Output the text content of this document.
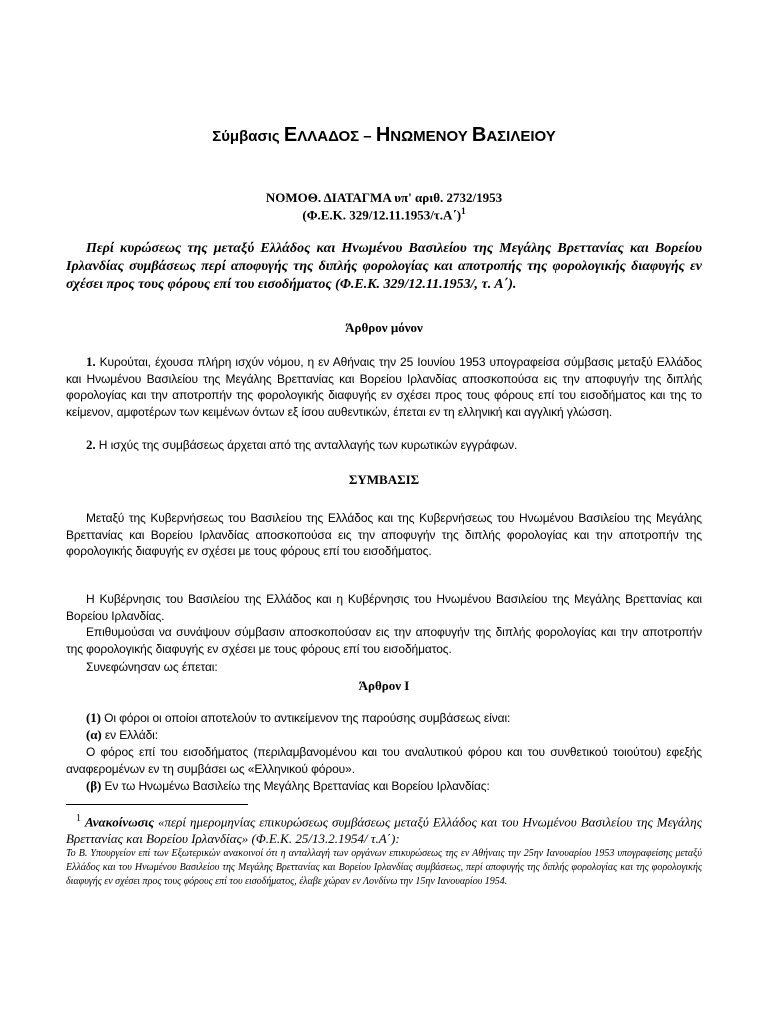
Σύμβασις ΕΛΛΑΔΟΣ – ΗΝΩΜΕΝΟΥ ΒΑΣΙΛΕΙΟΥ
ΝΟΜΟΘ. ΔΙΑΤΑΓΜΑ υπ' αριθ. 2732/1953
(Φ.Ε.Κ. 329/12.11.1953/τ.Α΄)$^1$
Περί κυρώσεως της μεταξύ Ελλάδος και Ηνωμένου Βασιλείου της Μεγάλης Βρεττανίας και Βορείου Ιρλανδίας συμβάσεως περί αποφυγής της διπλής φορολογίας και αποτροπής της φορολογικής διαφυγής εν σχέσει προς τους φόρους επί του εισοδήματος (Φ.Ε.Κ. 329/12.11.1953/, τ. Α΄).
Άρθρον μόνον
1. Κυρούται, έχουσα πλήρη ισχύν νόμου, η εν Αθήναις την 25 Ιουνίου 1953 υπογραφείσα σύμβασις μεταξύ Ελλάδος και Ηνωμένου Βασιλείου της Μεγάλης Βρεττανίας και Βορείου Ιρλανδίας αποσκοπούσα εις την αποφυγήν της διπλής φορολογίας και την αποτροπήν της φορολογικής διαφυγής εν σχέσει προς τους φόρους επί του εισοδήματος και της το κείμενον, αμφοτέρων των κειμένων όντων εξ ίσου αυθεντικών, έπεται εν τη ελληνική και αγγλική γλώσση.
2. Η ισχύς της συμβάσεως άρχεται από της ανταλλαγής των κυρωτικών εγγράφων.
ΣΥΜΒΑΣΙΣ
Μεταξύ της Κυβερνήσεως του Βασιλείου της Ελλάδος και της Κυβερνήσεως του Ηνωμένου Βασιλείου της Μεγάλης Βρεττανίας και Βορείου Ιρλανδίας αποσκοπούσα εις την αποφυγήν της διπλής φορολογίας και την αποτροπήν της φορολογικής διαφυγής εν σχέσει με τους φόρους επί του εισοδήματος.
Η Κυβέρνησις του Βασιλείου της Ελλάδος και η Κυβέρνησις του Ηνωμένου Βασιλείου της Μεγάλης Βρεττανίας και Βορείου Ιρλανδίας.
Επιθυμούσαι να συνάψουν σύμβασιν αποσκοπούσαν εις την αποφυγήν της διπλής φορολογίας και την αποτροπήν της φορολογικής διαφυγής εν σχέσει με τους φόρους επί του εισοδήματος.
Συνεφώνησαν ως έπεται:
Άρθρον Ι
(1) Οι φόροι οι οποίοι αποτελούν το αντικείμενον της παρούσης συμβάσεως είναι:
(α) εν Ελλάδι:
Ο φόρος επί του εισοδήματος (περιλαμβανομένου και του αναλυτικού φόρου και του συνθετικού τοιούτου) εφεξής αναφερομένων εν τη συμβάσει ως «Ελληνικού φόρου».
(β) Εν τω Ηνωμένω Βασιλείω της Μεγάλης Βρεττανίας και Βορείου Ιρλανδίας:
$^1$ Ανακοίνωσις «περί ημερομηνίας επικυρώσεως συμβάσεως μεταξύ Ελλάδος και του Ηνωμένου Βασιλείου της Μεγάλης Βρεττανίας και Βορείου Ιρλανδίας» (Φ.Ε.Κ. 25/13.2.1954/ τ.Α΄):
Το Β. Υπουργείον επί των Εξωτερικών ανακοινοί ότι η ανταλλαγή των οργάνων επικυρώσεως της εν Αθήναις την 25ην Ιανουαρίου 1953 υπογραφείσης μεταξύ Ελλάδος και του Ηνωμένου Βασιλείου της Μεγάλης Βρεττανίας και Βορείου Ιρλανδίας συμβάσεως, περί αποφυγής της διπλής φορολογίας και της φορολογικής διαφυγής εν σχέσει προς τους φόρους επί του εισοδήματος, έλαβε χώραν εν Λονδίνω την 15ην Ιανουαρίου 1954.
